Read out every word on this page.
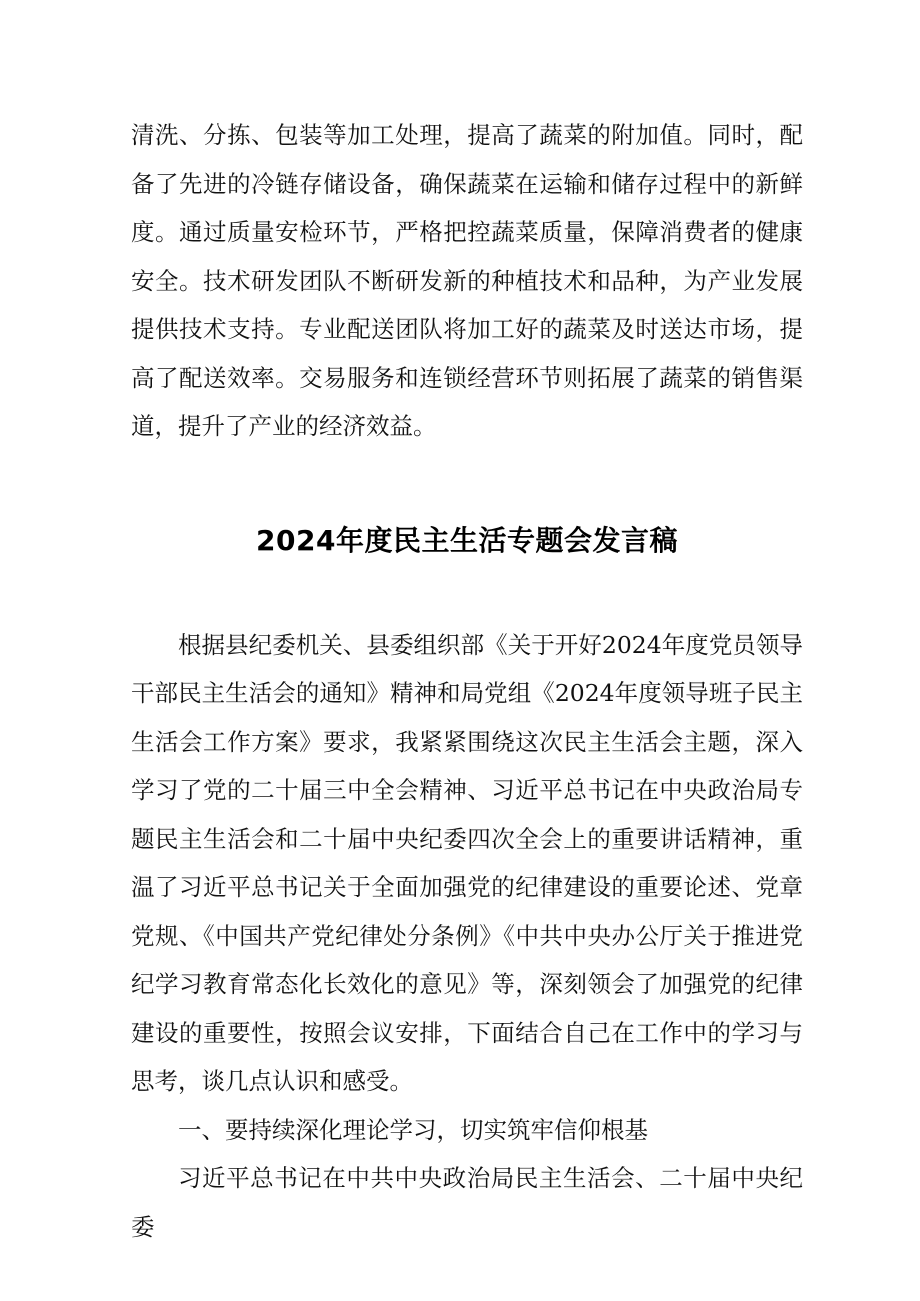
清洗、分拣、包装等加工处理，提高了蔬菜的附加值。同时，配备了先进的冷链存储设备，确保蔬菜在运输和储存过程中的新鲜度。通过质量安检环节，严格把控蔬菜质量，保障消费者的健康安全。技术研发团队不断研发新的种植技术和品种，为产业发展提供技术支持。专业配送团队将加工好的蔬菜及时送达市场，提高了配送效率。交易服务和连锁经营环节则拓展了蔬菜的销售渠道，提升了产业的经济效益。

2024年度民主生活专题会发言稿

根据县纪委机关、县委组织部《关于开好2024年度党员领导干部民主生活会的通知》精神和局党组《2024年度领导班子民主生活会工作方案》要求，我紧紧围绕这次民主生活会主题，深入学习了党的二十届三中全会精神、习近平总书记在中央政治局专题民主生活会和二十届中央纪委四次全会上的重要讲话精神，重温了习近平总书记关于全面加强党的纪律建设的重要论述、党章党规、《中国共产党纪律处分条例》《中共中央办公厅关于推进党纪学习教育常态化长效化的意见》等，深刻领会了加强党的纪律建设的重要性，按照会议安排，下面结合自己在工作中的学习与思考，谈几点认识和感受。

一、要持续深化理论学习，切实筑牢信仰根基

习近平总书记在中共中央政治局民主生活会、二十届中央纪委
